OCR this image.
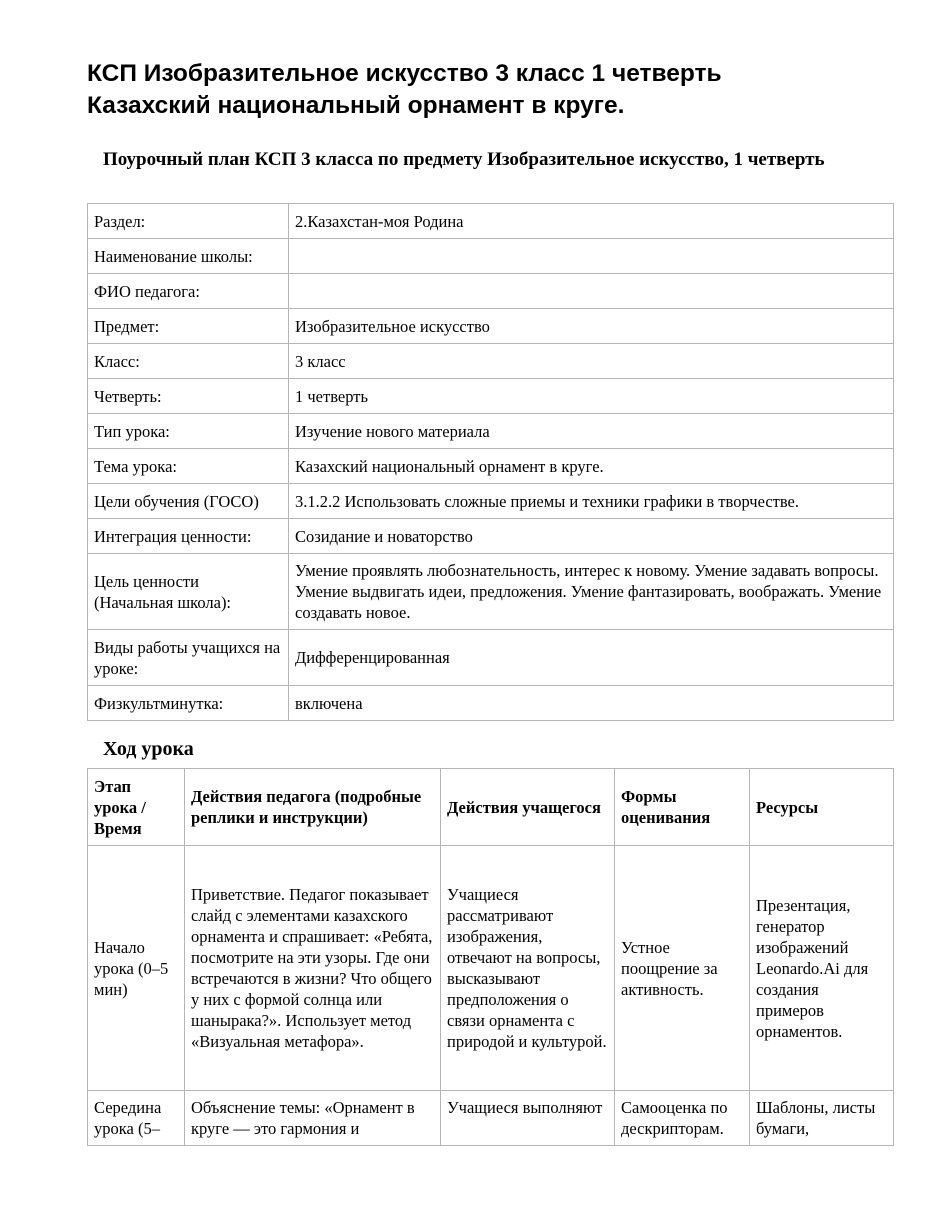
КСП Изобразительное искусство 3 класс 1 четверть
Казахский национальный орнамент в круге.

Поурочный план КСП 3 класса по предмету Изобразительное искусство, 1 четверть

Раздел:	2.Казахстан-моя Родина
Наименование школы:	
ФИО педагога:	
Предмет:	Изобразительное искусство
Класс:	3 класс
Четверть:	1 четверть
Тип урока:	Изучение нового материала
Тема урока:	Казахский национальный орнамент в круге.
Цели обучения (ГОСО)	3.1.2.2 Использовать сложные приемы и техники графики в творчестве.
Интеграция ценности:	Созидание и новаторство
Цель ценности (Начальная школа):	Умение проявлять любознательность, интерес к новому. Умение задавать вопросы. Умение выдвигать идеи, предложения. Умение фантазировать, воображать. Умение создавать новое.
Виды работы учащихся на уроке:	Дифференцированная
Физкультминутка:	включена
Ход урока
Этап урока / Время	Действия педагога (подробные реплики и инструкции)	Действия учащегося	Формы оценивания	Ресурсы
Начало урока (0–5 мин)	Приветствие. Педагог показывает слайд с элементами казахского орнамента и спрашивает: «Ребята, посмотрите на эти узоры. Где они встречаются в жизни? Что общего у них с формой солнца или шанырака?». Использует метод «Визуальная метафора».	Учащиеся рассматривают изображения, отвечают на вопросы, высказывают предположения о связи орнамента с природой и культурой.	Устное поощрение за активность.	Презентация, генератор изображений Leonardo.Ai для создания примеров орнаментов.
Середина урока (5–	Объяснение темы: «Орнамент в круге — это гармония и	Учащиеся выполняют	Самооценка по дескрипторам.	Шаблоны, листы бумаги,
